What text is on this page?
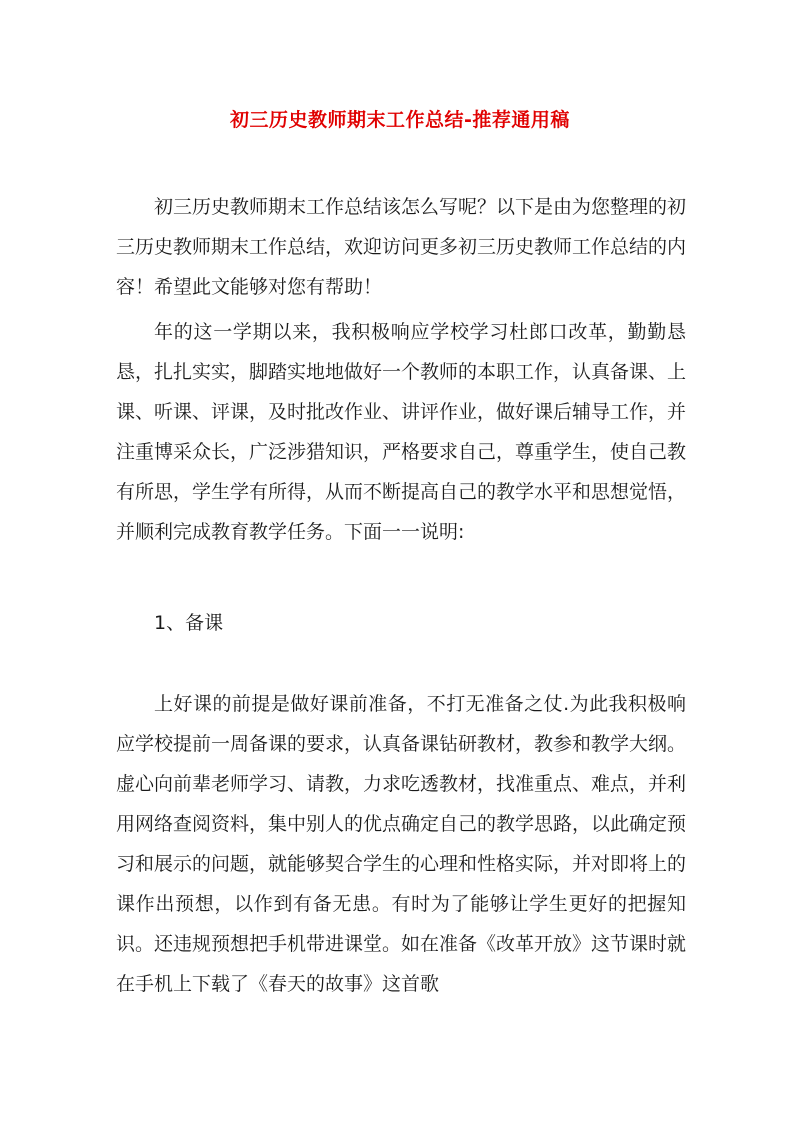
初三历史教师期末工作总结-推荐通用稿

初三历史教师期末工作总结该怎么写呢？以下是由为您整理的初三历史教师期末工作总结，欢迎访问更多初三历史教师工作总结的内容！希望此文能够对您有帮助！

年的这一学期以来，我积极响应学校学习杜郎口改革，勤勤恳恳，扎扎实实，脚踏实地地做好一个教师的本职工作，认真备课、上课、听课、评课，及时批改作业、讲评作业，做好课后辅导工作，并注重博采众长，广泛涉猎知识，严格要求自己，尊重学生，使自己教有所思，学生学有所得，从而不断提高自己的教学水平和思想觉悟，并顺利完成教育教学任务。下面一一说明:

1、备课

上好课的前提是做好课前准备，不打无准备之仗.为此我积极响应学校提前一周备课的要求，认真备课钻研教材，教参和教学大纲。虚心向前辈老师学习、请教，力求吃透教材，找准重点、难点，并利用网络查阅资料，集中别人的优点确定自己的教学思路，以此确定预习和展示的问题，就能够契合学生的心理和性格实际，并对即将上的课作出预想，以作到有备无患。有时为了能够让学生更好的把握知识。还违规预想把手机带进课堂。如在准备《改革开放》这节课时就在手机上下载了《春天的故事》这首歌
